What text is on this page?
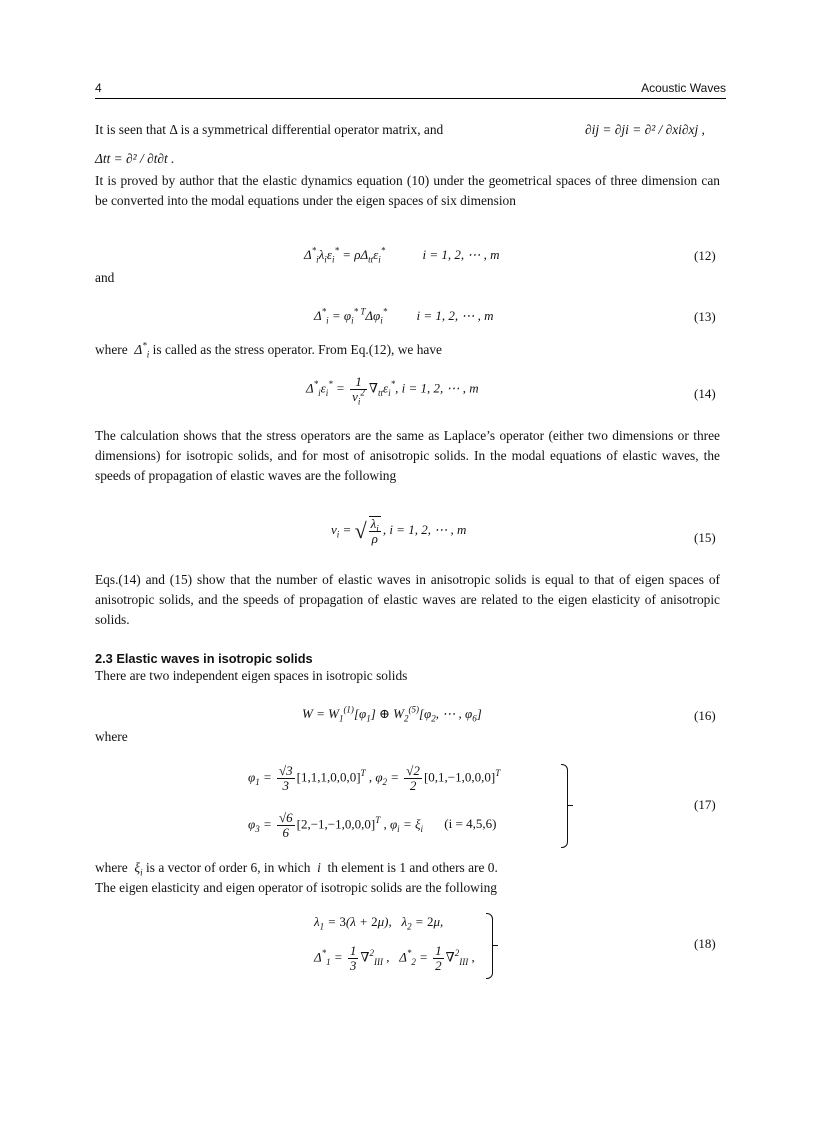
4	Acoustic Waves
It is seen that Δ is a symmetrical differential operator matrix, and	∂ij = ∂ji = ∂² / ∂xi∂xj ,
Δtt = ∂² / ∂t∂t .

It is proved by author that the elastic dynamics equation (10) under the geometrical spaces of three dimension can be converted into the modal equations under the eigen spaces of six dimension

$\Delta^*_i\lambda_i\varepsilon_i^* = \rho\Delta_{tt}\varepsilon_i^*$	i = 1, 2, ⋯ , m	(12)
and
$\Delta^*_i = \varphi_i^{* T}\Delta\varphi_i^*$ i = 1, 2, ⋯ , m	(13)
where  $\Delta^*_i$ is called as the stress operator. From Eq.(12), we have
$\Delta^*_i\varepsilon_i^* = \frac{1}{v_i^2} \nabla_{tt}\varepsilon_i^*$, i = 1, 2, ⋯ , m	(14)

The calculation shows that the stress operators are the same as Laplace’s operator (either two dimensions or three dimensions) for isotropic solids, and for most of anisotropic solids. In the modal equations of elastic waves, the speeds of propagation of elastic waves are the following

$v_i$ = √ $\frac{\lambda_i}{\rho}$ , i = 1, 2, ⋯ , m
(15)

Eqs.(14) and (15) show that the number of elastic waves in anisotropic solids is equal to that of eigen spaces of anisotropic solids, and the speeds of propagation of elastic waves are related to the eigen elasticity of anisotropic solids.

2.3 Elastic waves in isotropic solids
There are two independent eigen spaces in isotropic solids
$W = W_1^{(1)}[\varphi_1]$ ⊕ $W_2^{(5)}[\varphi_2$, ⋯ , $\varphi_6$]	(16)
where
$\varphi_1 = \frac{√3}{3} [1,1,1,0,0,0]^T$ , $\varphi_2 = \frac{√2}{2} [0,1,-1,0,0,0]^T$
$\varphi_3 = \frac{√6}{6} [2,-1,-1,0,0,0]^T$ , $\varphi_i = \xi_i$ (i = 4,5,6)
(17)
where  $\xi_i$ is a vector of order 6, in which  i  th element is 1 and others are 0.
The eigen elasticity and eigen operator of isotropic solids are the following
$\lambda_1 = 3(\lambda + 2\mu)$,   $\lambda_2 = 2\mu$,
$\Delta^*_1 = \frac{1}{3} \nabla^2_{III}$ ,   $\Delta^*_2 = \frac{1}{2} \nabla^2_{III}$ ,
(18)
